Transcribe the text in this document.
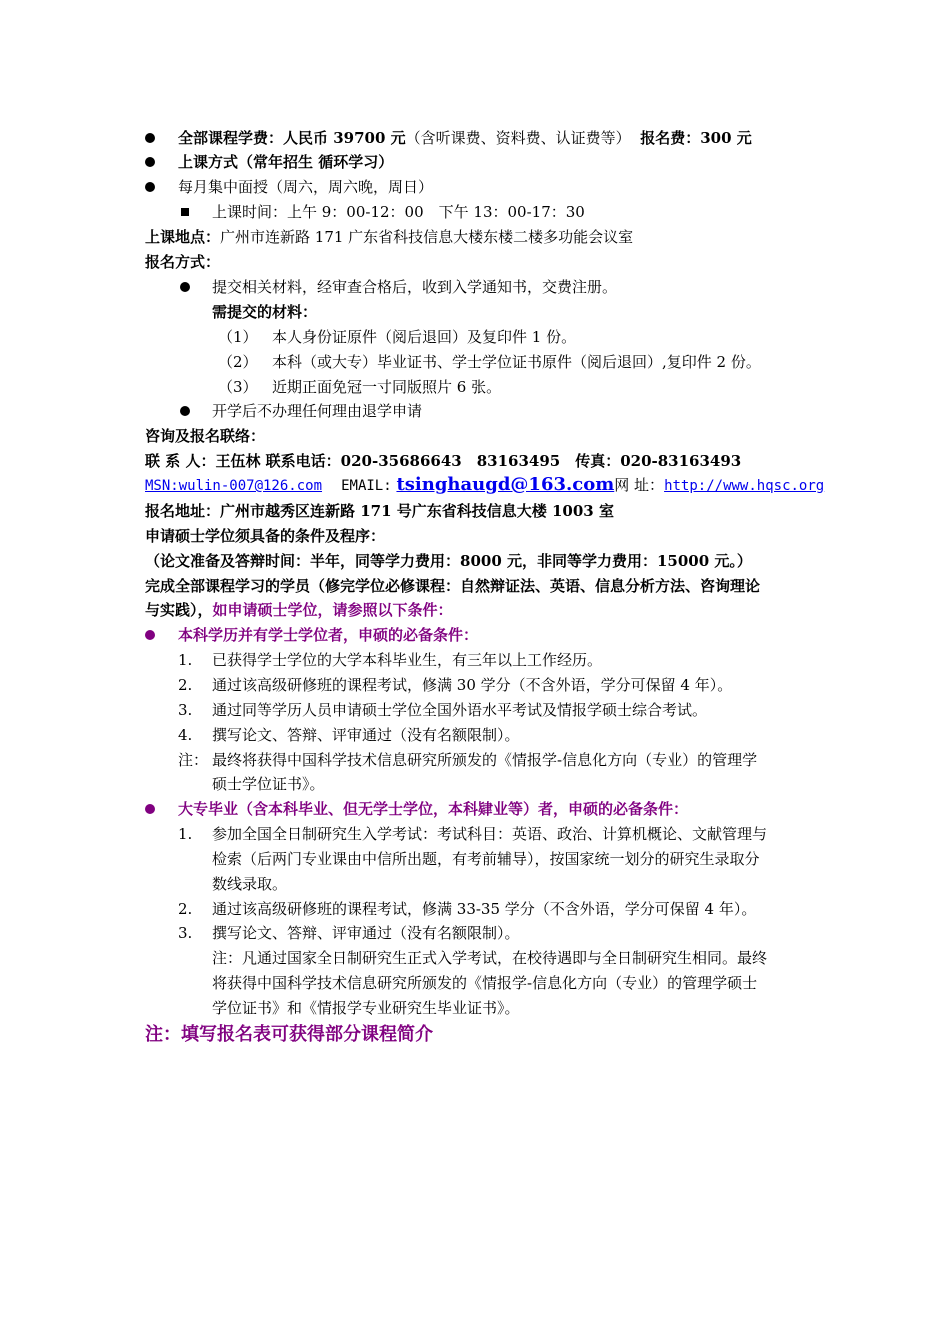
全部课程学费：人民币 39700 元（含听课费、资料费、认证费等） 报名费：300 元
上课方式（常年招生 循环学习）
每月集中面授（周六，周六晚，周日）
上课时间：上午 9：00-12：00　下午 13：00-17：30
上课地点：广州市连新路 171 广东省科技信息大楼东楼二楼多功能会议室
报名方式：
提交相关材料，经审查合格后，收到入学通知书，交费注册。
需提交的材料：
（1） 本人身份证原件（阅后退回）及复印件 1 份。
（2） 本科（或大专）毕业证书、学士学位证书原件（阅后退回）,复印件 2 份。
（3） 近期正面免冠一寸同版照片 6 张。
开学后不办理任何理由退学申请
咨询及报名联络：
联 系 人：王伍林 联系电话：020-35686643　83163495　传真：020-83163493
MSN:wulin-007@126.com EMAIL: tsinghaugd@163.com网 址：http://www.hqsc.org
报名地址：广州市越秀区连新路 171 号广东省科技信息大楼 1003 室
申请硕士学位须具备的条件及程序：
（论文准备及答辩时间：半年，同等学力费用：8000 元，非同等学力费用：15000 元。）
完成全部课程学习的学员（修完学位必修课程：自然辩证法、英语、信息分析方法、咨询理论
与实践），如申请硕士学位，请参照以下条件：
本科学历并有学士学位者，申硕的必备条件：
1. 已获得学士学位的大学本科毕业生，有三年以上工作经历。
2. 通过该高级研修班的课程考试，修满 30 学分（不含外语，学分可保留 4 年）。
3. 通过同等学历人员申请硕士学位全国外语水平考试及情报学硕士综合考试。
4. 撰写论文、答辩、评审通过（没有名额限制）。
注： 最终将获得中国科学技术信息研究所颁发的《情报学-信息化方向（专业）的管理学
硕士学位证书》。
大专毕业（含本科毕业、但无学士学位，本科肄业等）者，申硕的必备条件：
1. 参加全国全日制研究生入学考试：考试科目：英语、政治、计算机概论、文献管理与
检索（后两门专业课由中信所出题，有考前辅导），按国家统一划分的研究生录取分
数线录取。
2. 通过该高级研修班的课程考试，修满 33-35 学分（不含外语，学分可保留 4 年）。
3. 撰写论文、答辩、评审通过（没有名额限制）。
注：凡通过国家全日制研究生正式入学考试，在校待遇即与全日制研究生相同。最终
将获得中国科学技术信息研究所颁发的《情报学-信息化方向（专业）的管理学硕士
学位证书》和《情报学专业研究生毕业证书》。
注：填写报名表可获得部分课程简介
